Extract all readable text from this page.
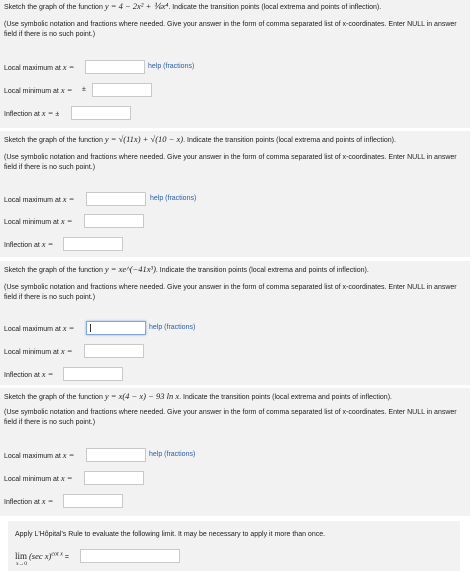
Sketch the graph of the function y = 4 − 2x² + ⅙x⁴. Indicate the transition points (local extrema and points of inflection).
(Use symbolic notation and fractions where needed. Give your answer in the form of comma separated list of x-coordinates. Enter NULL in answer field if there is no such point.)
Local maximum at x =	help (fractions)
Local minimum at x = ±
Inflection at x = ±
Sketch the graph of the function y = √(11x) + √(10 − x). Indicate the transition points (local extrema and points of inflection).
(Use symbolic notation and fractions where needed. Give your answer in the form of comma separated list of x-coordinates. Enter NULL in answer field if there is no such point.)
Local maximum at x =	help (fractions)
Local minimum at x =
Inflection at x =
Sketch the graph of the function y = xe^(−41x³). Indicate the transition points (local extrema and points of inflection).
(Use symbolic notation and fractions where needed. Give your answer in the form of comma separated list of x-coordinates. Enter NULL in answer field if there is no such point.)
Local maximum at x =	help (fractions)
Local minimum at x =
Inflection at x =
Sketch the graph of the function y = x(4 − x) − 93 ln x. Indicate the transition points (local extrema and points of inflection).
(Use symbolic notation and fractions where needed. Give your answer in the form of comma separated list of x-coordinates. Enter NULL in answer field if there is no such point.)
Local maximum at x =	help (fractions)
Local minimum at x =
Inflection at x =
Apply L'Hôpital's Rule to evaluate the following limit. It may be necessary to apply it more than once.
lim
x→0
(sec x)$^{cot x}$ =
